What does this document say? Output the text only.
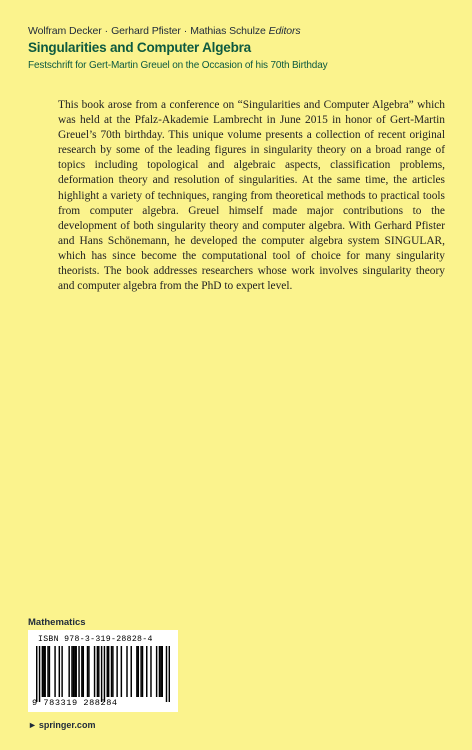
Wolfram Decker · Gerhard Pfister · Mathias Schulze Editors
Singularities and Computer Algebra
Festschrift for Gert-Martin Greuel on the Occasion of his 70th Birthday

This book arose from a conference on “Singularities and Computer Algebra” which was held at the Pfalz-Akademie Lambrecht in June 2015 in honor of Gert-Martin Greuel’s 70th birthday. This unique volume presents a collection of recent original research by some of the leading figures in singularity theory on a broad range of topics including topological and algebraic aspects, classification problems, deformation theory and resolution of singularities. At the same time, the articles highlight a variety of techniques, ranging from theoretical methods to practical tools from computer algebra. Greuel himself made major contributions to the development of both singularity theory and computer algebra. With Gerhard Pfister and Hans Schönemann, he developed the computer algebra system SINGULAR, which has since become the computational tool of choice for many singularity theorists. The book addresses researchers whose work involves singularity theory and computer algebra from the PhD to expert level.

Mathematics
ISBN 978-3-319-28828-4
9 783319 288284
► springer.com
